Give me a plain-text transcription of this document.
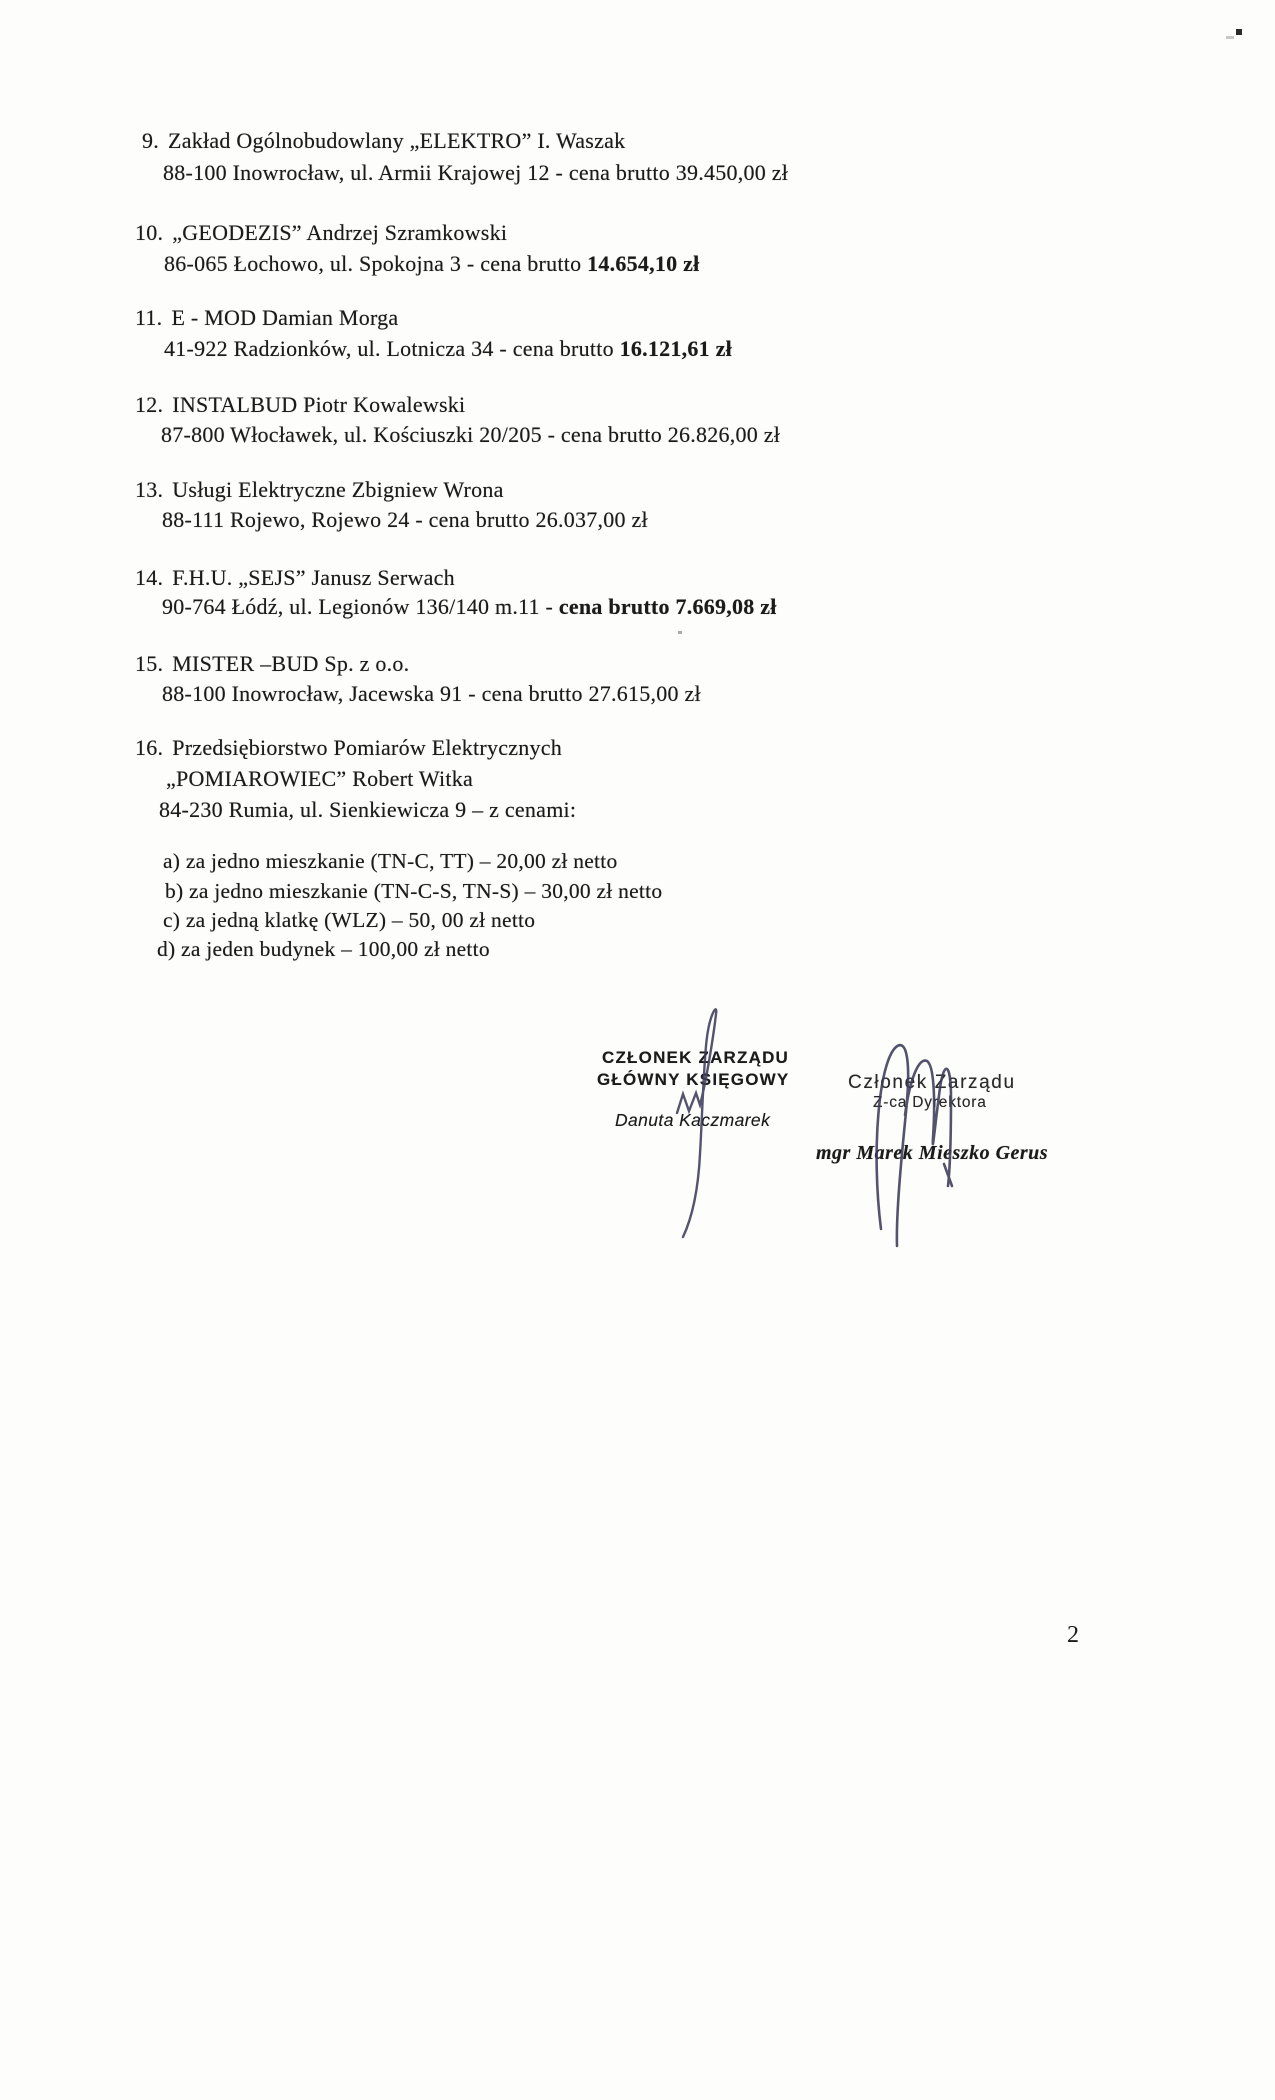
9. Zakład Ogólnobudowlany „ELEKTRO” I. Waszak
88-100 Inowrocław, ul. Armii Krajowej 12 - cena brutto 39.450,00 zł
10. „GEODEZIS” Andrzej Szramkowski
86-065 Łochowo, ul. Spokojna 3 - cena brutto 14.654,10 zł
11. E - MOD Damian Morga
41-922 Radzionków, ul. Lotnicza 34 - cena brutto 16.121,61 zł
12. INSTALBUD Piotr Kowalewski
87-800 Włocławek, ul. Kościuszki 20/205 - cena brutto 26.826,00 zł
13. Usługi Elektryczne Zbigniew Wrona
88-111 Rojewo, Rojewo 24 - cena brutto 26.037,00 zł
14. F.H.U. „SEJS” Janusz Serwach
90-764 Łódź, ul. Legionów 136/140 m.11 - cena brutto 7.669,08 zł
15. MISTER –BUD Sp. z o.o.
88-100 Inowrocław, Jacewska 91 - cena brutto 27.615,00 zł
16. Przedsiębiorstwo Pomiarów Elektrycznych
„POMIAROWIEC” Robert Witka
84-230 Rumia, ul. Sienkiewicza 9 – z cenami:
a) za jedno mieszkanie (TN-C, TT) – 20,00 zł netto
b) za jedno mieszkanie (TN-C-S, TN-S) – 30,00 zł netto
c) za jedną klatkę (WLZ) – 50, 00 zł netto
d) za jeden budynek – 100,00 zł netto
CZŁONEK ZARZĄDU
GŁÓWNY KSIĘGOWY
Danuta Kaczmarek
Członek Zarządu
Z-ca Dyrektora
mgr Marek Mieszko Gerus
2
